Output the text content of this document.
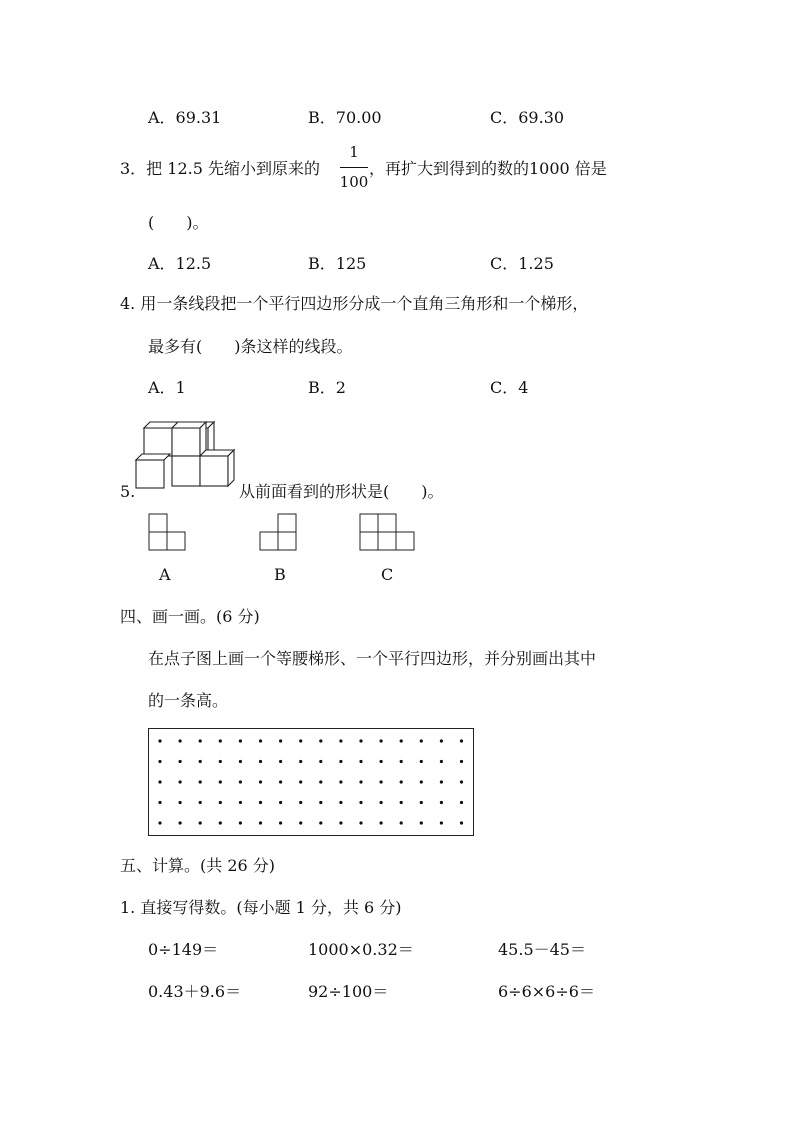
A．69.31	B．70.00	C．69.30
3．把 12.5 先缩小到原来的
1
100
，再扩大到得到的数的1000 倍是
(　　)。
A．12.5	B．125	C．1.25
4. 用一条线段把一个平行四边形分成一个直角三角形和一个梯形，
最多有(　　)条这样的线段。
A．1	B．2	C．4
5.	从前面看到的形状是(　　)。
A	B	C
四、画一画。(6 分)
在点子图上画一个等腰梯形、一个平行四边形，并分别画出其中
的一条高。
五、计算。(共 26 分)
1. 直接写得数。(每小题 1 分，共 6 分)
0÷149＝	1000×0.32＝	45.5－45＝
0.43＋9.6＝	92÷100＝	6÷6×6÷6＝
